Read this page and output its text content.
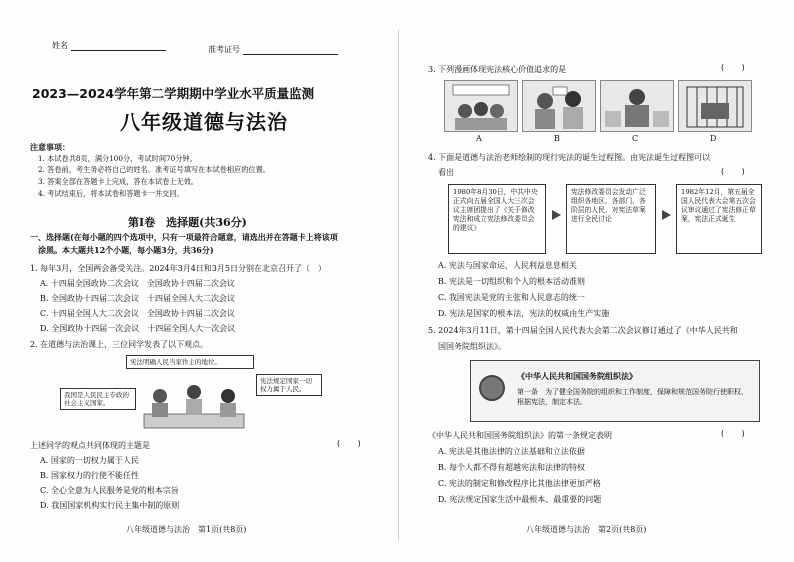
姓名	准考证号
2023—2024学年第二学期期中学业水平质量监测
八年级道德与法治
注意事项：
1. 本试卷共8页，满分100分，考试时间70分钟。
2. 答卷前，考生务必将自己的姓名、准考证号填写在本试卷相应的位置。
3. 答案全部在答题卡上完成，答在本试卷上无效。
4. 考试结束后，将本试卷和答题卡一并交回。
第Ⅰ卷　选择题(共36分)
一、选择题(在每小题的四个选项中，只有一项最符合题意，请选出并在答题卡上将该项
涂黑。本大题共12个小题，每小题3分，共36分)
1. 每年3月，全国两会备受关注。2024年3月4日和3月5日分别在北京召开了（　）
A. 十四届全国政协二次会议　全国政协十四届二次会议
B. 全国政协十四届二次会议　十四届全国人大二次会议
C. 十四届全国人大二次会议　全国政协十四届二次会议
D. 全国政协十四届一次会议　十四届全国人大一次会议
2. 在道德与法治课上，三位同学发表了以下观点。
宪法明确人民当家作主的地位。
我国是人民民主专政的社会主义国家。
宪法规定国家一切权力属于人民。
上述同学的观点共同体现的主题是	(　　)
A. 国家的一切权力属于人民
B. 国家权力的行使不能任性
C. 全心全意为人民服务是党的根本宗旨
D. 我国国家机构实行民主集中制的原则
八年级道德与法治　第1页(共8页)
3. 下列漫画体现宪法核心价值追求的是	(　　)
A	B	C	D
4. 下面是道德与法治老师绘制的现行宪法的诞生过程图。由宪法诞生过程图可以
看出	(　　)
1980年8月30日，中共中央正式向五届全国人大三次会议主席团提出了《关于修改宪法和成立宪法修改委员会的建议》
宪法修改委员会发动广泛组织各地区、各部门、各阶层的人民，对宪法草案进行全民讨论
1982年12月，第五届全国人民代表大会第五次会议审议通过了宪法修正草案，宪法正式诞生
A. 宪法与国家命运，人民利益息息相关
B. 宪法是一切组织和个人的根本活动准则
C. 我国宪法是党的主张和人民意志的统一
D. 宪法是国家的根本法，宪法的权威由生产实施
5. 2024年3月11日，第十四届全国人民代表大会第二次会议修订通过了《中华人民共和
国国务院组织法》。
《中华人民共和国国务院组织法》
第一条　为了健全国务院的组织和工作制度，保障和规范国务院行使职权，根据宪法，制定本法。
《中华人民共和国国务院组织法》的第一条规定表明	(　　)
A. 宪法是其他法律的立法基础和立法依据
B. 每个人都不得有超越宪法和法律的特权
C. 宪法的制定和修改程序比其他法律更加严格
D. 宪法规定国家生活中最根本、最重要的问题
八年级道德与法治　第2页(共8页)
